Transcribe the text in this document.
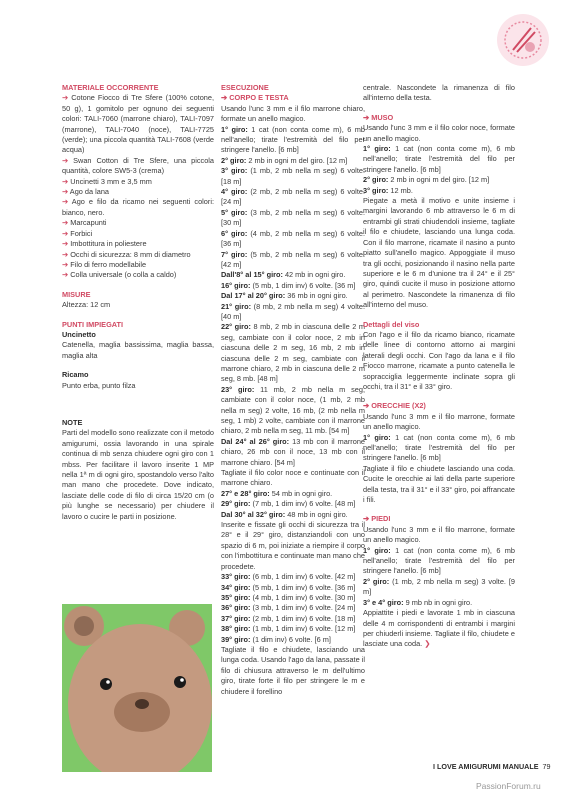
MATERIALE OCCORRENTE

➔ Cotone Fiocco di Tre Sfere (100% cotone, 50 g), 1 gomitolo per ognuno dei seguenti colori: TALI-7060 (marrone chiaro), TALI-7097 (marrone), TALI-7040 (noce), TALI-7725 (verde); una piccola quantità TALI-7608 (verde acqua)

➔ Swan Cotton di Tre Sfere, una piccola quantità, colore SW5-3 (crema)

➔ Uncinetti 3 mm e 3,5 mm

➔ Ago da lana

➔ Ago e filo da ricamo nei seguenti colori: bianco, nero.

➔ Marcapunti

➔ Forbici

➔ Imbottitura in poliestere

➔ Occhi di sicurezza: 8 mm di diametro

➔ Filo di ferro modellabile

➔ Colla universale (o colla a caldo)

MISURE

Altezza: 12 cm

PUNTI IMPIEGATI

Uncinetto

Catenella, maglia bassissima, maglia bassa, maglia alta

Ricamo

Punto erba, punto filza

NOTE

Parti del modello sono realizzate con il metodo amigurumi, ossia lavorando in una spirale continua di mb senza chiudere ogni giro con 1 mbss. Per facilitare il lavoro inserite 1 MP nella 1ª m di ogni giro, spostandolo verso l'alto man mano che procedete. Dove indicato, lasciate delle code di filo di circa 15/20 cm (o più lunghe se necessario) per chiudere il lavoro o cucire le parti in posizione.

ESECUZIONE

➔ CORPO E TESTA

Usando l'unc 3 mm e il filo marrone chiaro, formate un anello magico.

1° giro: 1 cat (non conta come m), 6 mb nell'anello; tirate l'estremità del filo per stringere l'anello. [6 mb]

2° giro: 2 mb in ogni m del giro. [12 m]

3° giro: (1 mb, 2 mb nella m seg) 6 volte. [18 m]

4° giro: (2 mb, 2 mb nella m seg) 6 volte. [24 m]

5° giro: (3 mb, 2 mb nella m seg) 6 volte. [30 m]

6° giro: (4 mb, 2 mb nella m seg) 6 volte. [36 m]

7° giro: (5 mb, 2 mb nella m seg) 6 volte. [42 m]

Dall'8° al 15° giro: 42 mb in ogni giro.

16° giro: (5 mb, 1 dim inv) 6 volte. [36 m]

Dal 17° al 20° giro: 36 mb in ogni giro.

21° giro: (8 mb, 2 mb nella m seg) 4 volte. [40 m]

22° giro: 8 mb, 2 mb in ciascuna delle 2 m seg, cambiate con il color noce, 2 mb in ciascuna delle 2 m seg, 16 mb, 2 mb in ciascuna delle 2 m seg, cambiate con il marrone chiaro, 2 mb in ciascuna delle 2 m seg, 8 mb. [48 m]

23° giro: 11 mb, 2 mb nella m seg, cambiate con il color noce, (1 mb, 2 mb nella m seg) 2 volte, 16 mb, (2 mb nella m seg, 1 mb) 2 volte, cambiate con il marrone chiaro, 2 mb nella m seg, 11 mb. [54 m]

Dal 24° al 26° giro: 13 mb con il marrone chiaro, 26 mb con il noce, 13 mb con il marrone chiaro. [54 m]

Tagliate il filo color noce e continuate con il marrone chiaro.

27° e 28° giro: 54 mb in ogni giro.

29° giro: (7 mb, 1 dim inv) 6 volte. [48 m]

Dal 30° al 32° giro: 48 mb in ogni giro.

Inserite e fissate gli occhi di sicurezza tra il 28° e il 29° giro, distanziandoli con uno spazio di 6 m, poi iniziate a riempire il corpo con l'imbottitura e continuate man mano che procedete.

33° giro: (6 mb, 1 dim inv) 6 volte. [42 m]

34° giro: (5 mb, 1 dim inv) 6 volte. [36 m]

35° giro: (4 mb, 1 dim inv) 6 volte. [30 m]

36° giro: (3 mb, 1 dim inv) 6 volte. [24 m]

37° giro: (2 mb, 1 dim inv) 6 volte. [18 m]

38° giro: (1 mb, 1 dim inv) 6 volte. [12 m]

39° giro: (1 dim inv) 6 volte. [6 m]

Tagliate il filo e chiudete, lasciando una lunga coda. Usando l'ago da lana, passate il filo di chiusura attraverso le m dell'ultimo giro, tirate forte il filo per stringere le m e chiudere il forellino

centrale. Nascondete la rimanenza di filo all'interno della testa.

➔ MUSO

Usando l'unc 3 mm e il filo color noce, formate un anello magico.

1° giro: 1 cat (non conta come m), 6 mb nell'anello; tirate l'estremità del filo per stringere l'anello. [6 mb]

2° giro: 2 mb in ogni m del giro. [12 m]

3° giro: 12 mb.

Piegate a metà il motivo e unite insieme i margini lavorando 6 mb attraverso le 6 m di entrambi gli strati chiudendoli insieme, tagliate il filo e chiudete, lasciando una lunga coda. Con il filo marrone, ricamate il nasino a punto piatto sull'anello magico. Appoggiate il muso tra gli occhi, posizionando il nasino nella parte superiore e le 6 m d'unione tra il 24° e il 25° giro, quindi cucite il muso in posizione attorno al perimetro. Nascondete la rimanenza di filo all'interno del muso.

Dettagli del viso

Con l'ago e il filo da ricamo bianco, ricamate delle linee di contorno attorno ai margini laterali degli occhi. Con l'ago da lana e il filo Fiocco marrone, ricamate a punto catenella le sopracciglia leggermente inclinate sopra gli occhi, tra il 31° e il 33° giro.

➔ ORECCHIE (X2)

Usando l'unc 3 mm e il filo marrone, formate un anello magico.

1° giro: 1 cat (non conta come m), 6 mb nell'anello; tirate l'estremità del filo per stringere l'anello. [6 mb]

Tagliate il filo e chiudete lasciando una coda. Cucite le orecchie ai lati della parte superiore della testa, tra il 31° e il 33° giro, poi affrancate i fili.

➔ PIEDI

Usando l'unc 3 mm e il filo marrone, formate un anello magico.

1° giro: 1 cat (non conta come m), 6 mb nell'anello; tirate l'estremità del filo per stringere l'anello. [6 mb]

2° giro: (1 mb, 2 mb nella m seg) 3 volte. [9 m]

3° e 4° giro: 9 mb nb in ogni giro.

Appiattite i piedi e lavorate 1 mb in ciascuna delle 4 m corrispondenti di entrambi i margini per chiuderli insieme. Tagliate il filo, chiudete e lasciate una coda. ❯

I LOVE AMIGURUMI MANUALE 79
PassionForum.ru
